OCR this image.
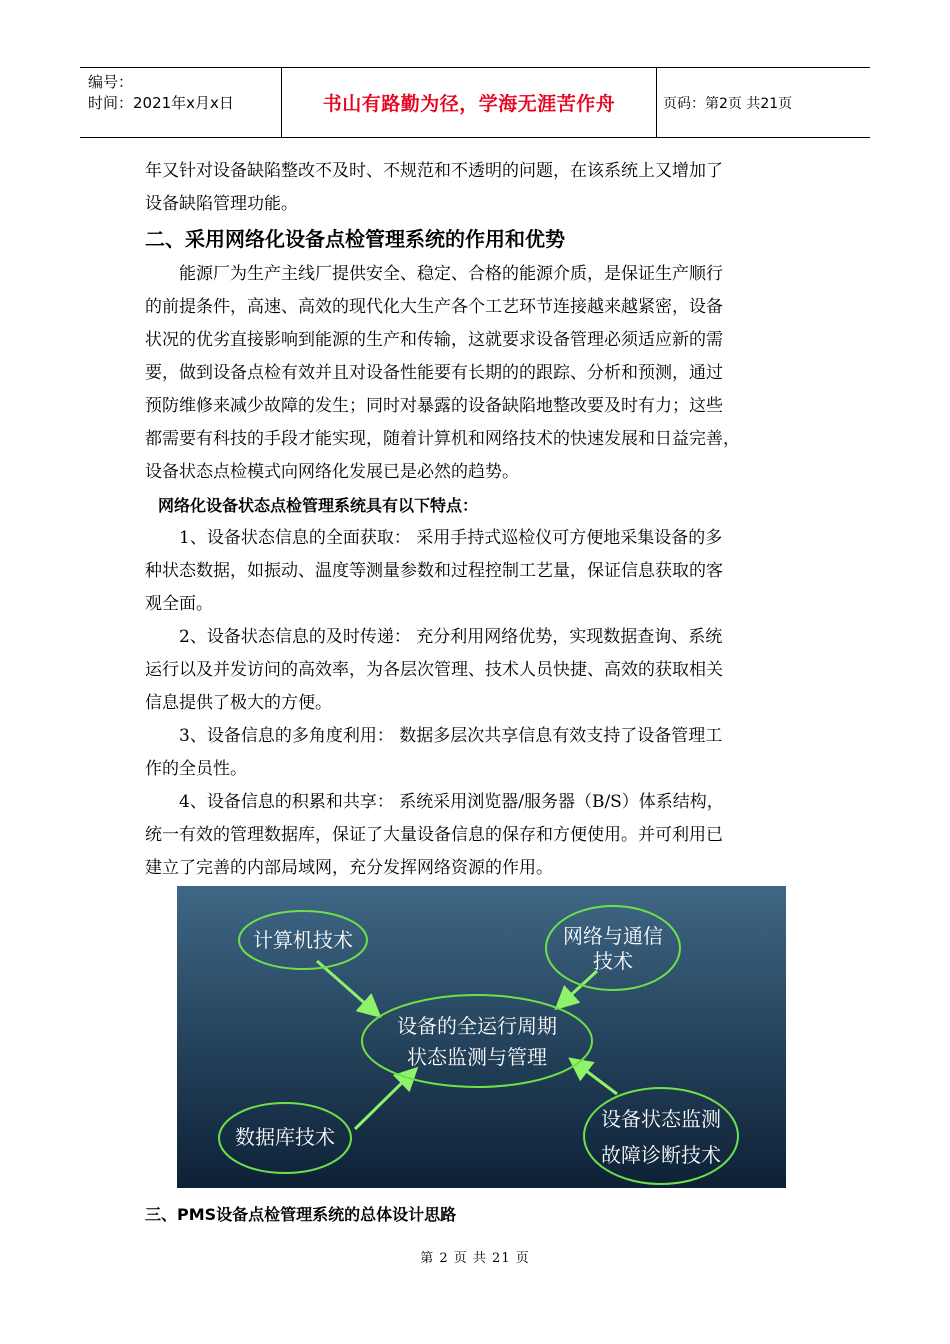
编号：
时间：2021年x月x日	书山有路勤为径，学海无涯苦作舟	页码：第2页 共21页
年又针对设备缺陷整改不及时、不规范和不透明的问题，在该系统上又增加了
设备缺陷管理功能。
二、采用网络化设备点检管理系统的作用和优势
能源厂为生产主线厂提供安全、稳定、合格的能源介质，是保证生产顺行
的前提条件，高速、高效的现代化大生产各个工艺环节连接越来越紧密，设备
状况的优劣直接影响到能源的生产和传输，这就要求设备管理必须适应新的需
要，做到设备点检有效并且对设备性能要有长期的的跟踪、分析和预测，通过
预防维修来减少故障的发生；同时对暴露的设备缺陷地整改要及时有力；这些
都需要有科技的手段才能实现，随着计算机和网络技术的快速发展和日益完善，
设备状态点检模式向网络化发展已是必然的趋势。
网络化设备状态点检管理系统具有以下特点：
1、设备状态信息的全面获取： 采用手持式巡检仪可方便地采集设备的多
种状态数据，如振动、温度等测量参数和过程控制工艺量，保证信息获取的客
观全面。
2、设备状态信息的及时传递： 充分利用网络优势，实现数据查询、系统
运行以及并发访问的高效率，为各层次管理、技术人员快捷、高效的获取相关
信息提供了极大的方便。
3、设备信息的多角度利用： 数据多层次共享信息有效支持了设备管理工
作的全员性。
4、设备信息的积累和共享： 系统采用浏览器/服务器（B/S）体系结构，
统一有效的管理数据库，保证了大量设备信息的保存和方便使用。并可利用已
建立了完善的内部局域网，充分发挥网络资源的作用。
设备的全运行周期
状态监测与管理
计算机技术	网络与通信
技术
数据库技术
设备状态监测
故障诊断技术
三、PMS设备点检管理系统的总体设计思路
第 2 页 共 21 页
